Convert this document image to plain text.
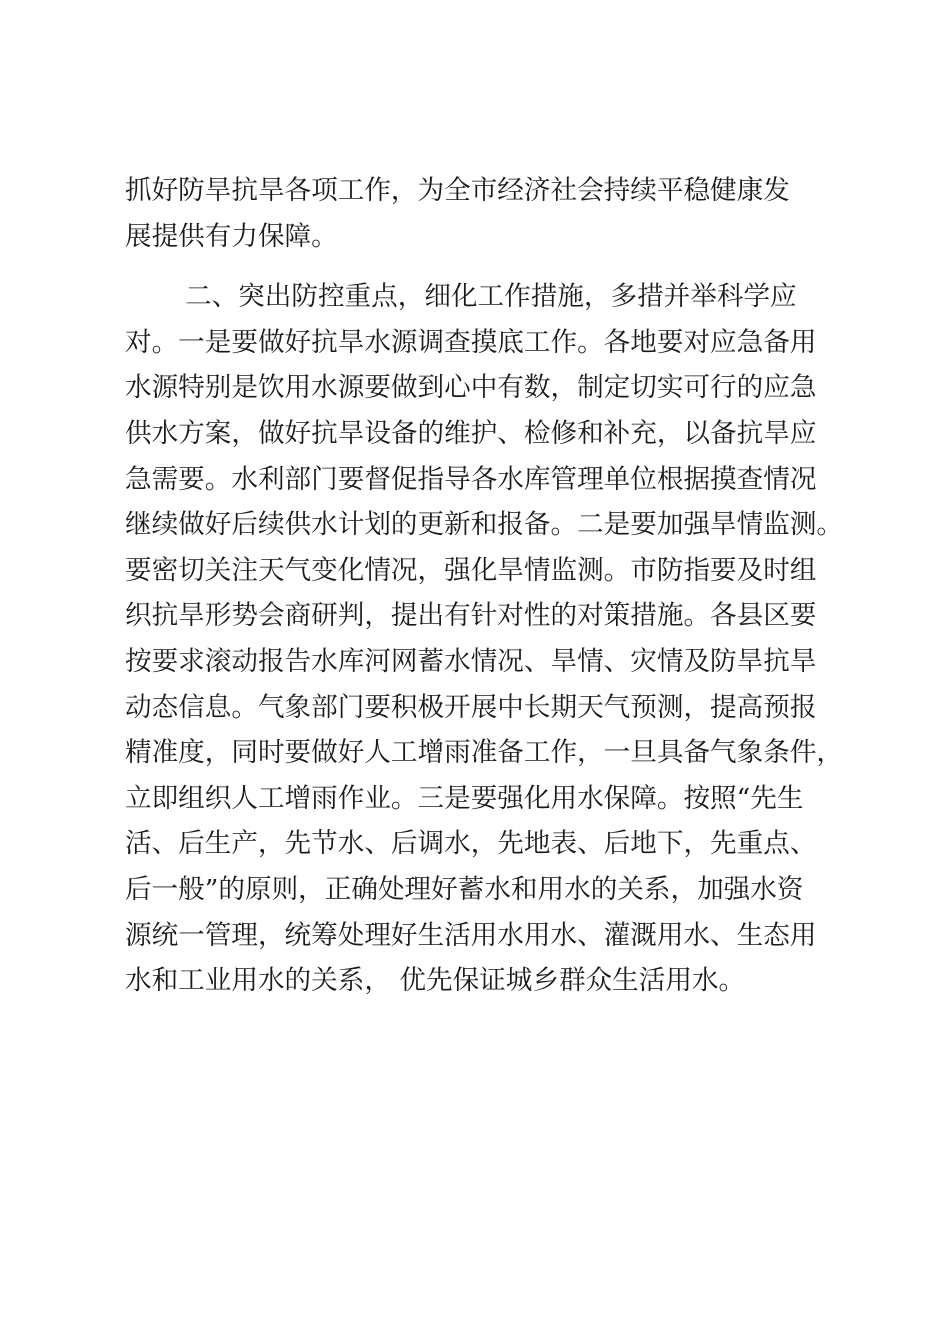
抓好防旱抗旱各项工作，为全市经济社会持续平稳健康发
展提供有力保障。
二、突出防控重点，细化工作措施，多措并举科学应
对。一是要做好抗旱水源调查摸底工作。各地要对应急备用
水源特别是饮用水源要做到心中有数，制定切实可行的应急
供水方案，做好抗旱设备的维护、检修和补充，以备抗旱应
急需要。水利部门要督促指导各水库管理单位根据摸查情况
继续做好后续供水计划的更新和报备。二是要加强旱情监测。
要密切关注天气变化情况，强化旱情监测。市防指要及时组
织抗旱形势会商研判，提出有针对性的对策措施。各县区要
按要求滚动报告水库河网蓄水情况、旱情、灾情及防旱抗旱
动态信息。气象部门要积极开展中长期天气预测，提高预报
精准度，同时要做好人工增雨准备工作，一旦具备气象条件，
立即组织人工增雨作业。三是要强化用水保障。按照“先生
活、后生产，先节水、后调水，先地表、后地下，先重点、
后一般”的原则，正确处理好蓄水和用水的关系，加强水资
源统一管理，统筹处理好生活用水用水、灌溉用水、生态用
水和工业用水的关系， 优先保证城乡群众生活用水。
